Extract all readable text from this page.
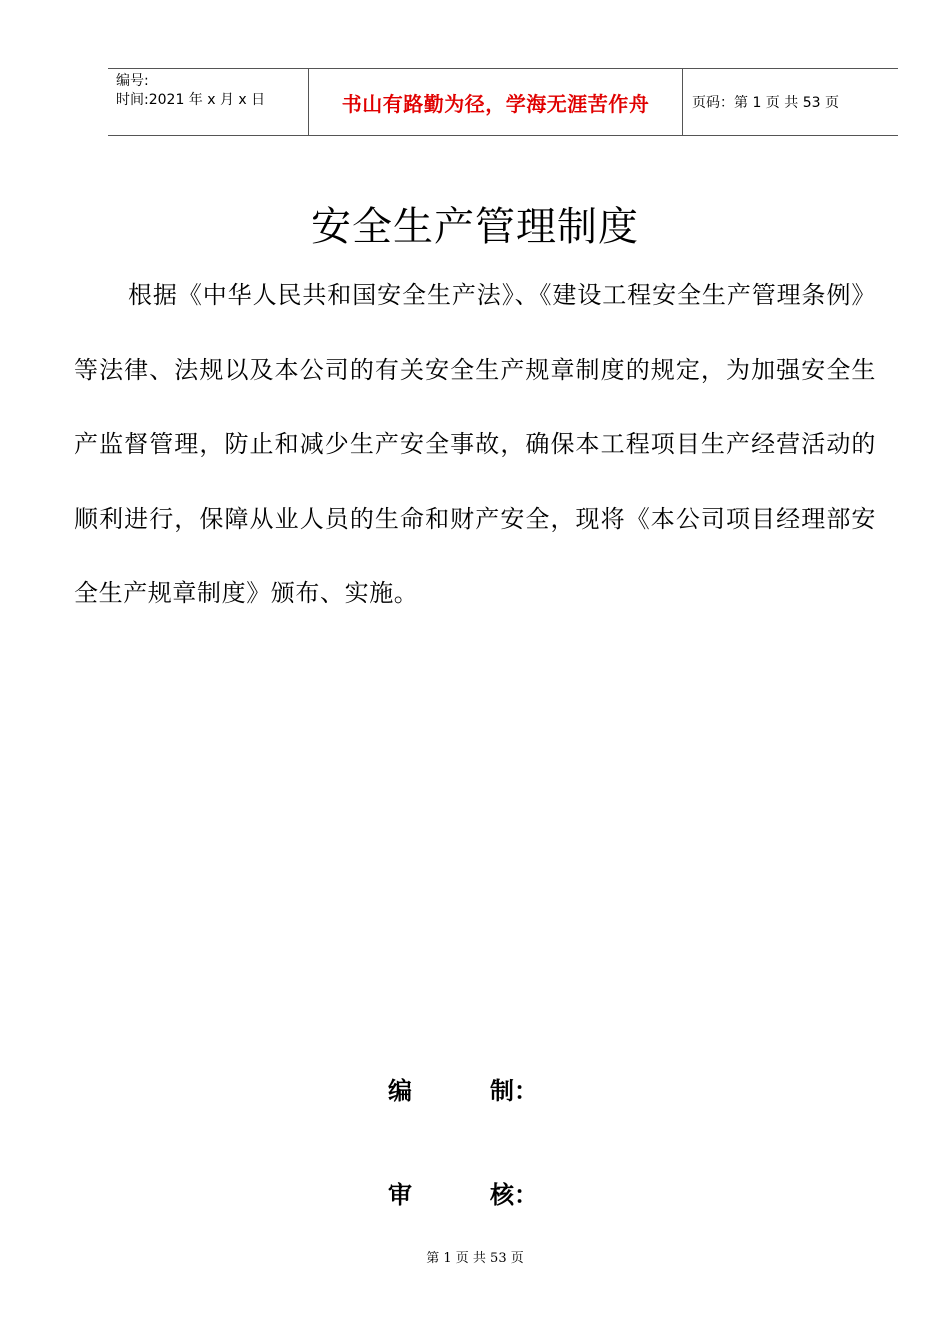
编号:
时间:2021 年 x 月 x 日	书山有路勤为径，学海无涯苦作舟	页码：第 1 页 共 53 页
安全生产管理制度

根据《中华人民共和国安全生产法》、《建设工程安全生产管理条例》等法律、法规以及本公司的有关安全生产规章制度的规定，为加强安全生产监督管理，防止和减少生产安全事故，确保本工程项目生产经营活动的顺利进行，保障从业人员的生命和财产安全，现将《本公司项目经理部安全生产规章制度》颁布、实施。

编	制：
审	核：
第 1 页 共 53 页
